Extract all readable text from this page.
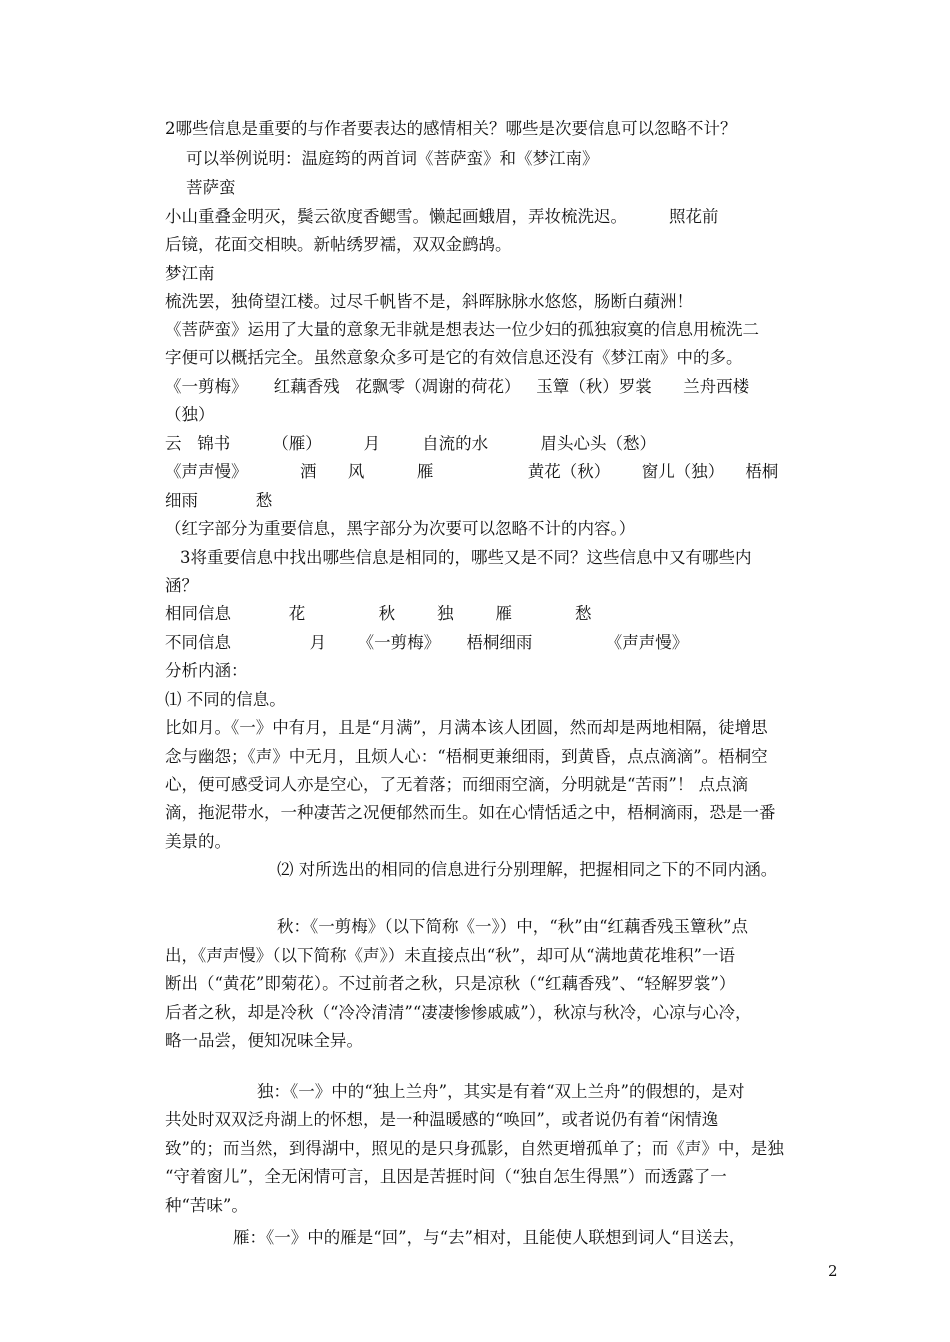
2哪些信息是重要的与作者要表达的感情相关？哪些是次要信息可以忽略不计？
可以举例说明：温庭筠的两首词《菩萨蛮》和《梦江南》
菩萨蛮
小山重叠金明灭，鬓云欲度香鳃雪。懒起画蛾眉，弄妆梳洗迟。        照花前
后镜，花面交相映。新帖绣罗襦，双双金鹧鸪。
梦江南
梳洗罢，独倚望江楼。过尽千帆皆不是，斜晖脉脉水悠悠，肠断白蘋洲！
《菩萨蛮》运用了大量的意象无非就是想表达一位少妇的孤独寂寞的信息用梳洗二
字便可以概括完全。虽然意象众多可是它的有效信息还没有《梦江南》中的多。
《一剪梅》     红藕香残   花飘零（凋谢的荷花）   玉簟（秋）罗裳      兰舟西楼
（独）
云   锦书        （雁）        月        自流的水          眉头心头（愁）
《声声慢》          酒      风          雁                  黄花（秋）      窗儿（独）    梧桐
细雨           愁
（红字部分为重要信息，黑字部分为次要可以忽略不计的内容。）
3将重要信息中找出哪些信息是相同的，哪些又是不同？这些信息中又有哪些内
涵？
相同信息           花              秋        独        雁            愁
不同信息               月      《一剪梅》     梧桐细雨              《声声慢》
分析内涵：
⑴ 不同的信息。
比如月。《一》中有月，且是“月满”，月满本该人团圆，然而却是两地相隔，徒增思
念与幽怨；《声》中无月，且烦人心：“梧桐更兼细雨，到黄昏，点点滴滴”。梧桐空
心，便可感受词人亦是空心，了无着落；而细雨空滴，分明就是“苦雨”！ 点点滴
滴，拖泥带水，一种凄苦之况便郁然而生。如在心情恬适之中，梧桐滴雨，恐是一番
美景的。
⑵ 对所选出的相同的信息进行分别理解，把握相同之下的不同内涵。
秋：《一剪梅》（以下简称《一》）中，“秋”由“红藕香残玉簟秋”点
出，《声声慢》（以下简称《声》）未直接点出“秋”，却可从“满地黄花堆积”一语
断出（“黄花”即菊花）。不过前者之秋，只是凉秋（“红藕香残”、“轻解罗裳”）
后者之秋，却是冷秋（“冷冷清清”“凄凄惨惨戚戚”），秋凉与秋冷，心凉与心冷，
略一品尝，便知况味全异。
独：《一》中的“独上兰舟”，其实是有着“双上兰舟”的假想的，是对
共处时双双泛舟湖上的怀想，是一种温暖感的“唤回”，或者说仍有着“闲情逸
致”的；而当然，到得湖中，照见的是只身孤影，自然更增孤单了；而《声》中，是独
“守着窗儿”，全无闲情可言，且因是苦捱时间（“独自怎生得黑”）而透露了一
种“苦味”。
雁：《一》中的雁是“回”，与“去”相对，且能使人联想到词人“目送去，
2
